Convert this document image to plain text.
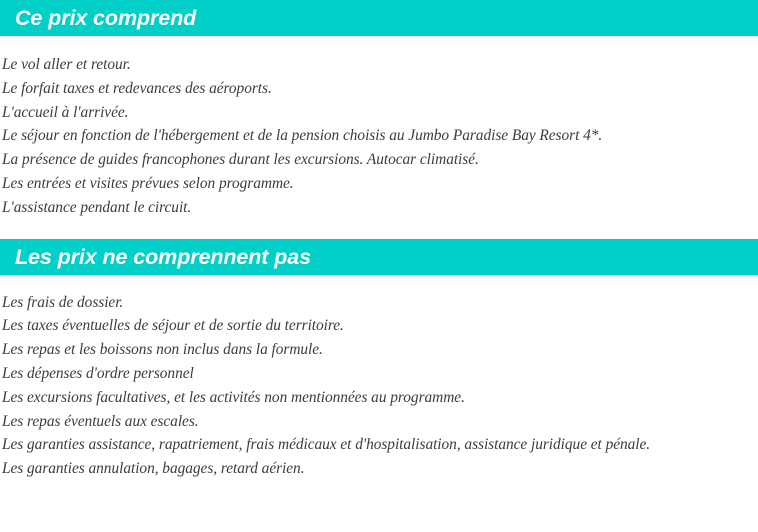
Ce prix comprend
Le vol aller et retour.
Le forfait taxes et redevances des aéroports.
L'accueil à l'arrivée.
Le séjour en fonction de l'hébergement et de la pension choisis au Jumbo Paradise Bay Resort 4*.
La présence de guides francophones durant les excursions. Autocar climatisé.
Les entrées et visites prévues selon programme.
L'assistance pendant le circuit.
Les prix ne comprennent pas
Les frais de dossier.
Les taxes éventuelles de séjour et de sortie du territoire.
Les repas et les boissons non inclus dans la formule.
Les dépenses d'ordre personnel
Les excursions facultatives, et les activités non mentionnées au programme.
Les repas éventuels aux escales.
Les garanties assistance, rapatriement, frais médicaux et d'hospitalisation, assistance juridique et pénale.
Les garanties annulation, bagages, retard aérien.
